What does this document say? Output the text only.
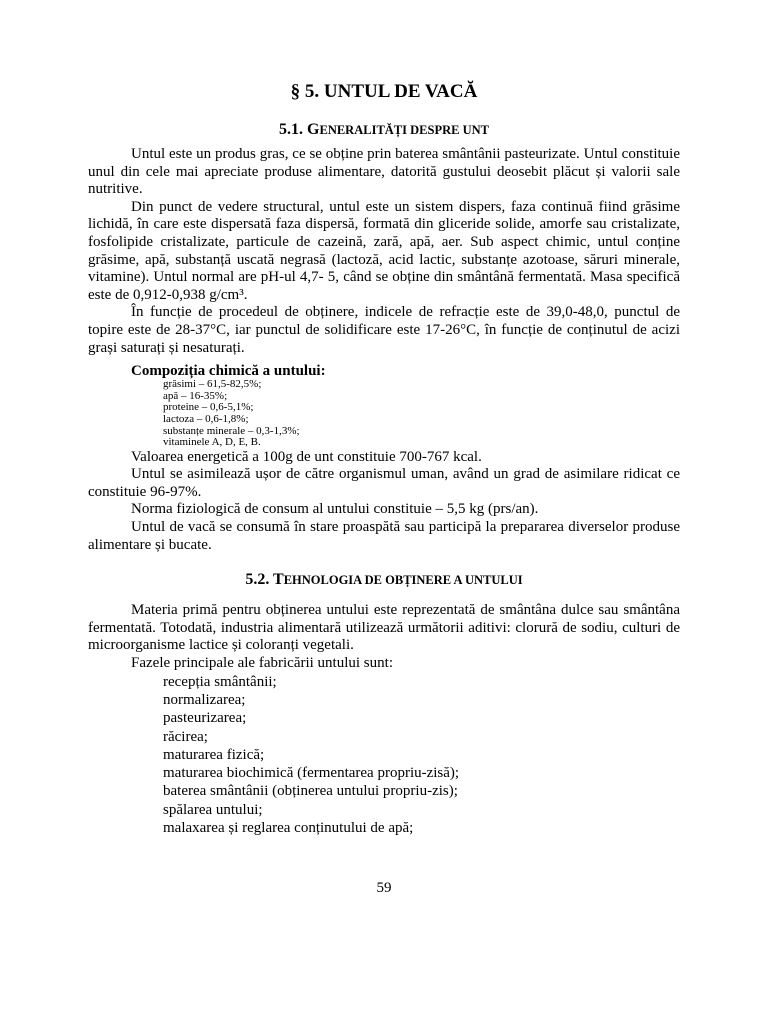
§ 5. UNTUL DE VACĂ
5.1. GENERALITĂȚI DESPRE UNT

Untul este un produs gras, ce se obține prin baterea smântânii pasteurizate. Untul constituie unul din cele mai apreciate produse alimentare, datorită gustului deosebit plăcut și valorii sale nutritive.

Din punct de vedere structural, untul este un sistem dispers, faza continuă fiind grăsime lichidă, în care este dispersată faza dispersă, formată din gliceride solide, amorfe sau cristalizate, fosfolipide cristalizate, particule de cazeină, zară, apă, aer. Sub aspect chimic, untul conține grăsime, apă, substanță uscată negrasă (lactoză, acid lactic, substanțe azotoase, săruri minerale, vitamine). Untul normal are pH-ul 4,7- 5, când se obține din smântână fermentată. Masa specifică este de 0,912-0,938 g/cm³.

În funcție de procedeul de obținere, indicele de refracție este de 39,0-48,0, punctul de topire este de 28-37°C, iar punctul de solidificare este 17-26°C, în funcție de conținutul de acizi grași saturați și nesaturați.

Compoziția chimică a untului:
grăsimi – 61,5-82,5%;
apă – 16-35%;
proteine – 0,6-5,1%;
lactoza – 0,6-1,8%;
substanțe minerale – 0,3-1,3%;
vitaminele A, D, E, B.

Valoarea energetică a 100g de unt constituie 700-767 kcal.

Untul se asimilează ușor de către organismul uman, având un grad de asimilare ridicat ce constituie 96-97%.

Norma fiziologică de consum al untului constituie – 5,5 kg (prs/an).

Untul de vacă se consumă în stare proaspătă sau participă la prepararea diverselor produse alimentare și bucate.

5.2. TEHNOLOGIA DE OBȚINERE A UNTULUI

Materia primă pentru obținerea untului este reprezentată de smântâna dulce sau smântâna fermentată. Totodată, industria alimentară utilizează următorii aditivi: clorură de sodiu, culturi de microorganisme lactice și coloranți vegetali.

Fazele principale ale fabricării untului sunt:

recepția smântânii;
normalizarea;
pasteurizarea;
răcirea;
maturarea fizică;
maturarea biochimică (fermentarea propriu-zisă);
baterea smântânii (obținerea untului propriu-zis);
spălarea untului;
malaxarea și reglarea conținutului de apă;
59
